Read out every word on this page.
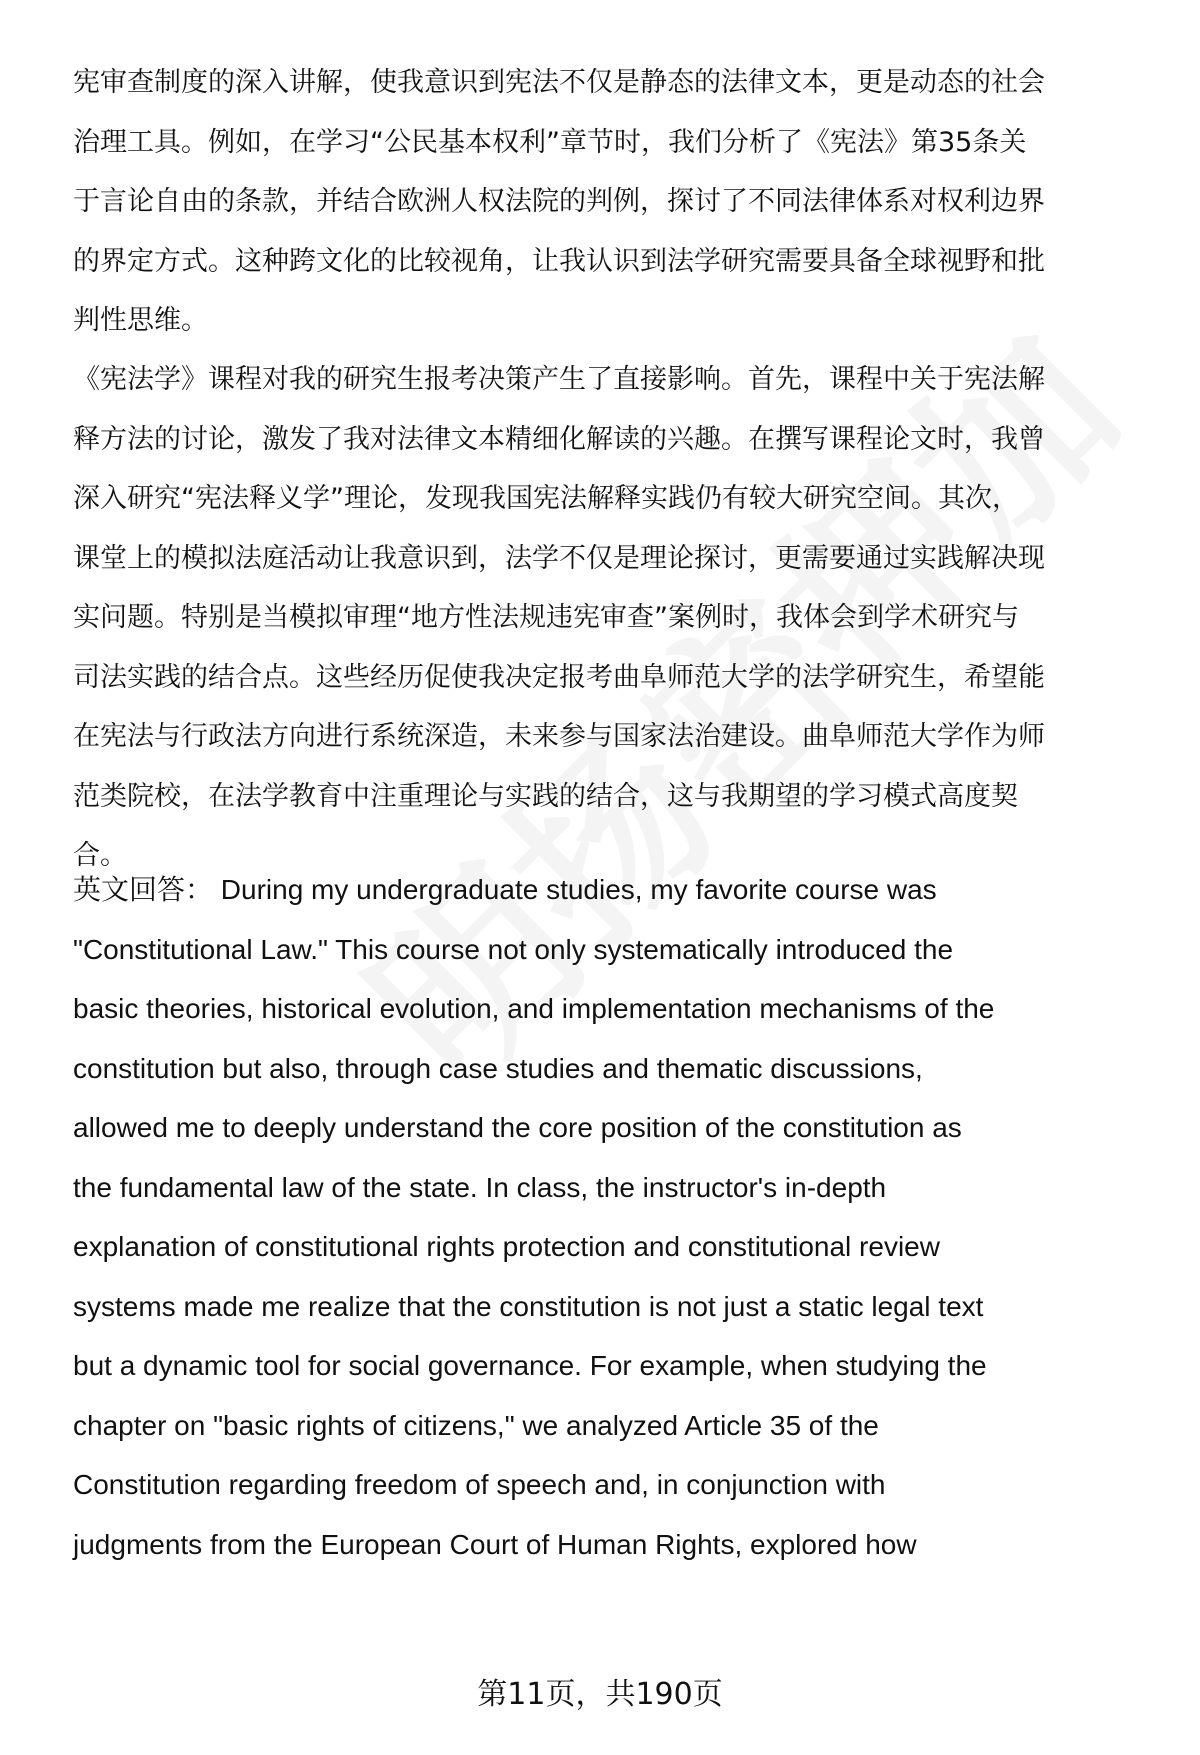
宪审查制度的深入讲解，使我意识到宪法不仅是静态的法律文本，更是动态的社会
治理工具。例如，在学习“公民基本权利”章节时，我们分析了《宪法》第35条关
于言论自由的条款，并结合欧洲人权法院的判例，探讨了不同法律体系对权利边界
的界定方式。这种跨文化的比较视角，让我认识到法学研究需要具备全球视野和批
判性思维。
《宪法学》课程对我的研究生报考决策产生了直接影响。首先，课程中关于宪法解
释方法的讨论，激发了我对法律文本精细化解读的兴趣。在撰写课程论文时，我曾
深入研究“宪法释义学”理论，发现我国宪法解释实践仍有较大研究空间。其次，
课堂上的模拟法庭活动让我意识到，法学不仅是理论探讨，更需要通过实践解决现
实问题。特别是当模拟审理“地方性法规违宪审查”案例时，我体会到学术研究与
司法实践的结合点。这些经历促使我决定报考曲阜师范大学的法学研究生，希望能
在宪法与行政法方向进行系统深造，未来参与国家法治建设。曲阜师范大学作为师
范类院校，在法学教育中注重理论与实践的结合，这与我期望的学习模式高度契
合。
英文回答： During my undergraduate studies, my favorite course was
"Constitutional Law." This course not only systematically introduced the
basic theories, historical evolution, and implementation mechanisms of the
constitution but also, through case studies and thematic discussions,
allowed me to deeply understand the core position of the constitution as
the fundamental law of the state. In class, the instructor's in-depth
explanation of constitutional rights protection and constitutional review
systems made me realize that the constitution is not just a static legal text
but a dynamic tool for social governance. For example, when studying the
chapter on "basic rights of citizens," we analyzed Article 35 of the
Constitution regarding freedom of speech and, in conjunction with
judgments from the European Court of Human Rights, explored how
第11页，共190页
